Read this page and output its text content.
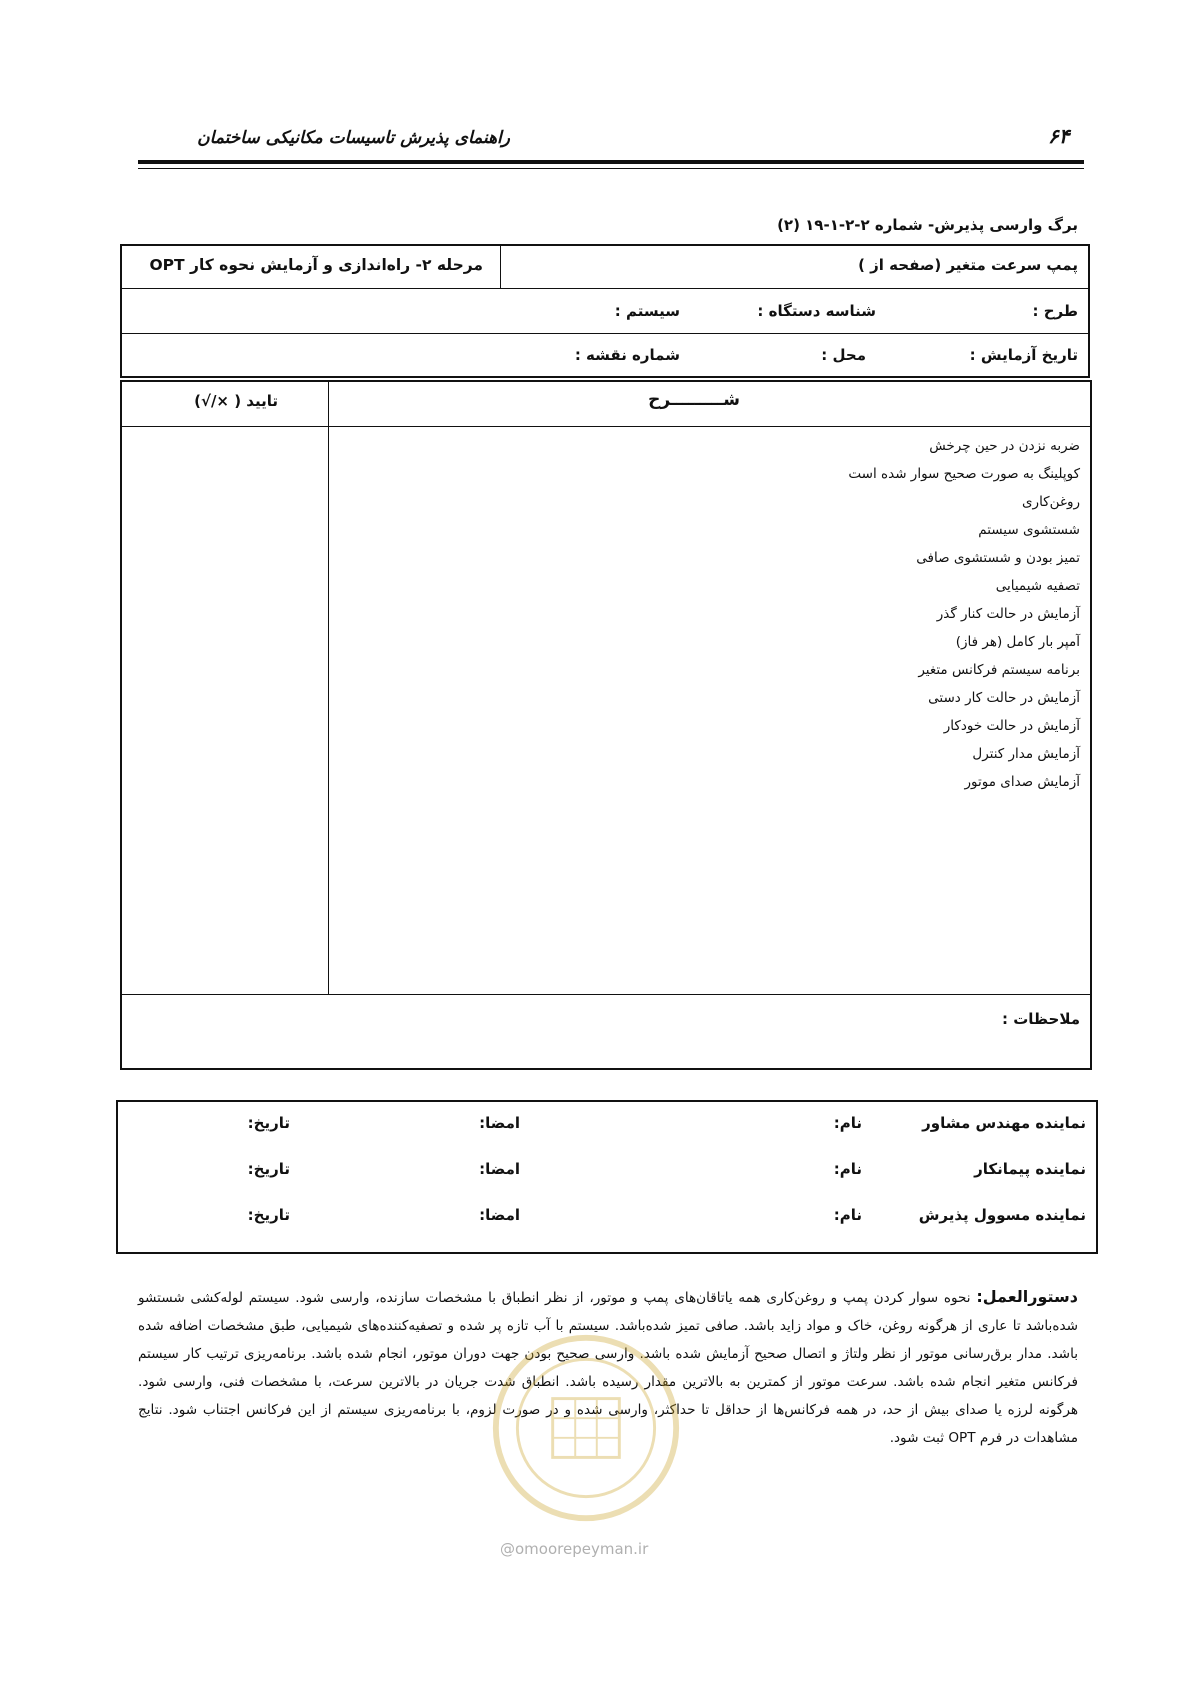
راهنمای پذیرش تاسیسات مکانیکی ساختمان	۶۴
برگ وارسی پذیرش- شماره ۲-۲-۱-۱۹ (۲)
پمپ سرعت متغیر (صفحه از )
مرحله ۲- راه‌اندازی و آزمایش نحوه کار OPT
طرح :
شناسه دستگاه :
سیستم :
تاریخ آزمایش :
محل :
شماره نقشه :
شـــــــــرح
تایید ( ×/√)
ملاحظات :
ضربه نزدن در حین چرخش
کوپلینگ به صورت صحیح سوار شده است
روغن‌کاری
شستشوی سیستم
تمیز بودن و شستشوی صافی
تصفیه شیمیایی
آزمایش در حالت کنار گذر
آمپر بار کامل (هر فاز)
برنامه سیستم فرکانس متغیر
آزمایش در حالت کار دستی
آزمایش در حالت خودکار
آزمایش مدار کنترل
آزمایش صدای موتور
نماینده مهندس مشاور
نام:
امضا:
تاریخ:
نماینده پیمانکار
نام:
امضا:
تاریخ:
نماینده مسوول پذیرش
نام:
امضا:
تاریخ:
دستورالعمل: نحوه سوار کردن پمپ و روغن‌کاری همه یاتاقان‌های پمپ و موتور، از نظر انطباق با مشخصات سازنده، وارسی شود. سیستم لوله‌کشی شستشو شده‌باشد تا عاری از هرگونه روغن، خاک و مواد زاید باشد. صافی تمیز شده‌باشد. سیستم با آب تازه پر شده و تصفیه‌کننده‌های شیمیایی، طبق مشخصات اضافه شده باشد. مدار برق‌رسانی موتور از نظر ولتاژ و اتصال صحیح آزمایش شده باشد. وارسی صحیح بودن جهت دوران موتور، انجام شده باشد. برنامه‌ریزی ترتیب کار سیستم فرکانس متغیر انجام شده باشد. سرعت موتور از کمترین به بالاترین مقدار رسیده باشد. انطباق شدت جریان در بالاترین سرعت، با مشخصات فنی، وارسی شود. هرگونه لرزه یا صدای بیش از حد، در همه فرکانس‌ها از حداقل تا حداکثر، وارسی شده و در صورت لزوم، با برنامه‌ریزی سیستم از این فرکانس اجتناب شود. نتایج مشاهدات در فرم OPT ثبت شود.
@omoorepeyman.ir
